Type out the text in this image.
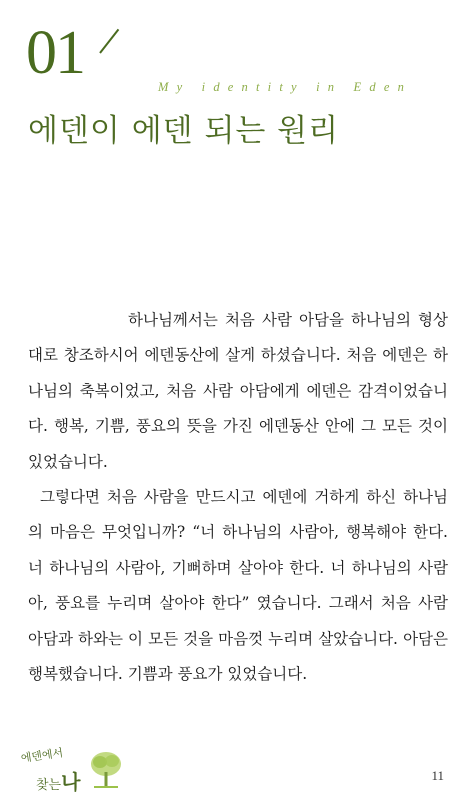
01	My identity in Eden
에덴이 에덴 되는 원리

하나님께서는 처음 사람 아담을 하나님의 형상대로 창조하시어 에덴동산에 살게 하셨습니다. 처음 에덴은 하나님의 축복이었고, 처음 사람 아담에게 에덴은 감격이었습니다. 행복, 기쁨, 풍요의 뜻을 가진 에덴동산 안에 그 모든 것이 있었습니다.

그렇다면 처음 사람을 만드시고 에덴에 거하게 하신 하나님의 마음은 무엇입니까? “너 하나님의 사람아, 행복해야 한다. 너 하나님의 사람아, 기뻐하며 살아야 한다. 너 하나님의 사람아, 풍요를 누리며 살아야 한다” 였습니다. 그래서 처음 사람 아담과 하와는 이 모든 것을 마음껏 누리며 살았습니다. 아담은 행복했습니다. 기쁨과 풍요가 있었습니다.

에덴에서
찾는나	11
